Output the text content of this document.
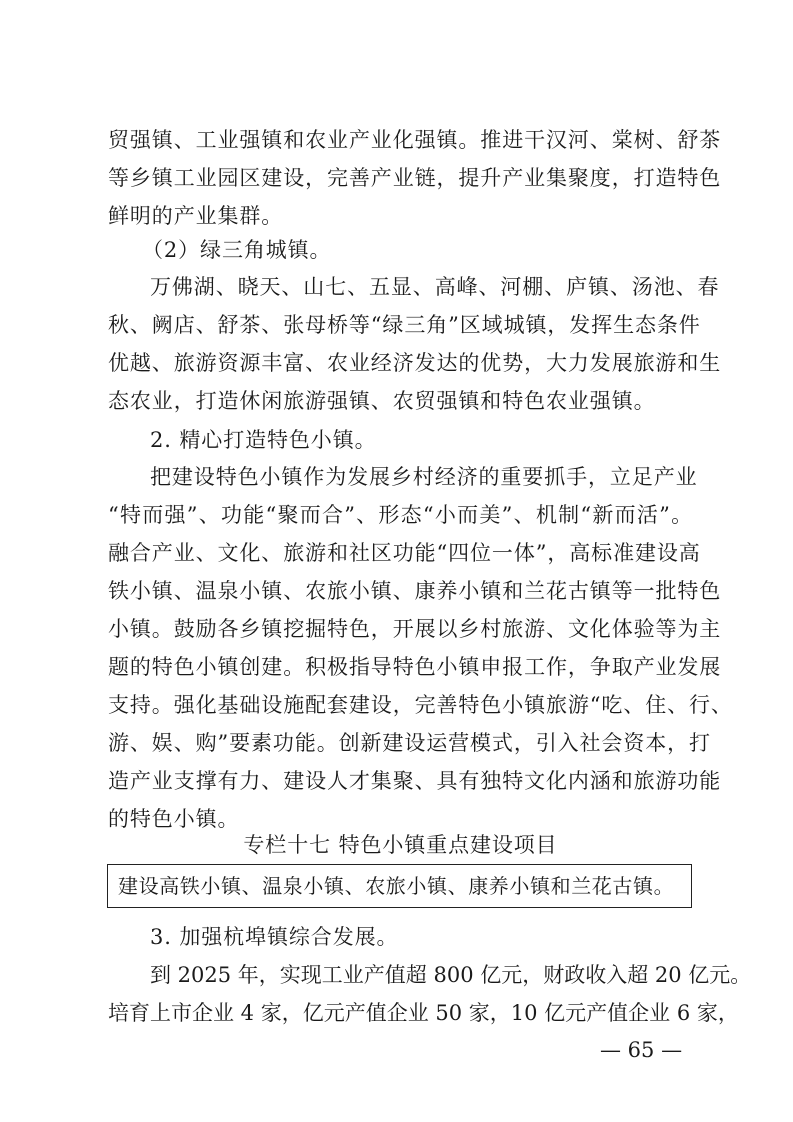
贸强镇、工业强镇和农业产业化强镇。推进干汉河、棠树、舒茶
等乡镇工业园区建设，完善产业链，提升产业集聚度，打造特色
鲜明的产业集群。
（2）绿三角城镇。
万佛湖、晓天、山七、五显、高峰、河棚、庐镇、汤池、春
秋、阙店、舒茶、张母桥等“绿三角”区域城镇，发挥生态条件
优越、旅游资源丰富、农业经济发达的优势，大力发展旅游和生
态农业，打造休闲旅游强镇、农贸强镇和特色农业强镇。
2. 精心打造特色小镇。
把建设特色小镇作为发展乡村经济的重要抓手，立足产业
“特而强”、功能“聚而合”、形态“小而美”、机制“新而活”。
融合产业、文化、旅游和社区功能“四位一体”，高标准建设高
铁小镇、温泉小镇、农旅小镇、康养小镇和兰花古镇等一批特色
小镇。鼓励各乡镇挖掘特色，开展以乡村旅游、文化体验等为主
题的特色小镇创建。积极指导特色小镇申报工作，争取产业发展
支持。强化基础设施配套建设，完善特色小镇旅游“吃、住、行、
游、娱、购”要素功能。创新建设运营模式，引入社会资本，打
造产业支撑有力、建设人才集聚、具有独特文化内涵和旅游功能
的特色小镇。
专栏十七 特色小镇重点建设项目
建设高铁小镇、温泉小镇、农旅小镇、康养小镇和兰花古镇。
3. 加强杭埠镇综合发展。
到 2025 年，实现工业产值超 800 亿元，财政收入超 20 亿元。
培育上市企业 4 家，亿元产值企业 50 家，10 亿元产值企业 6 家，
— 65 —
